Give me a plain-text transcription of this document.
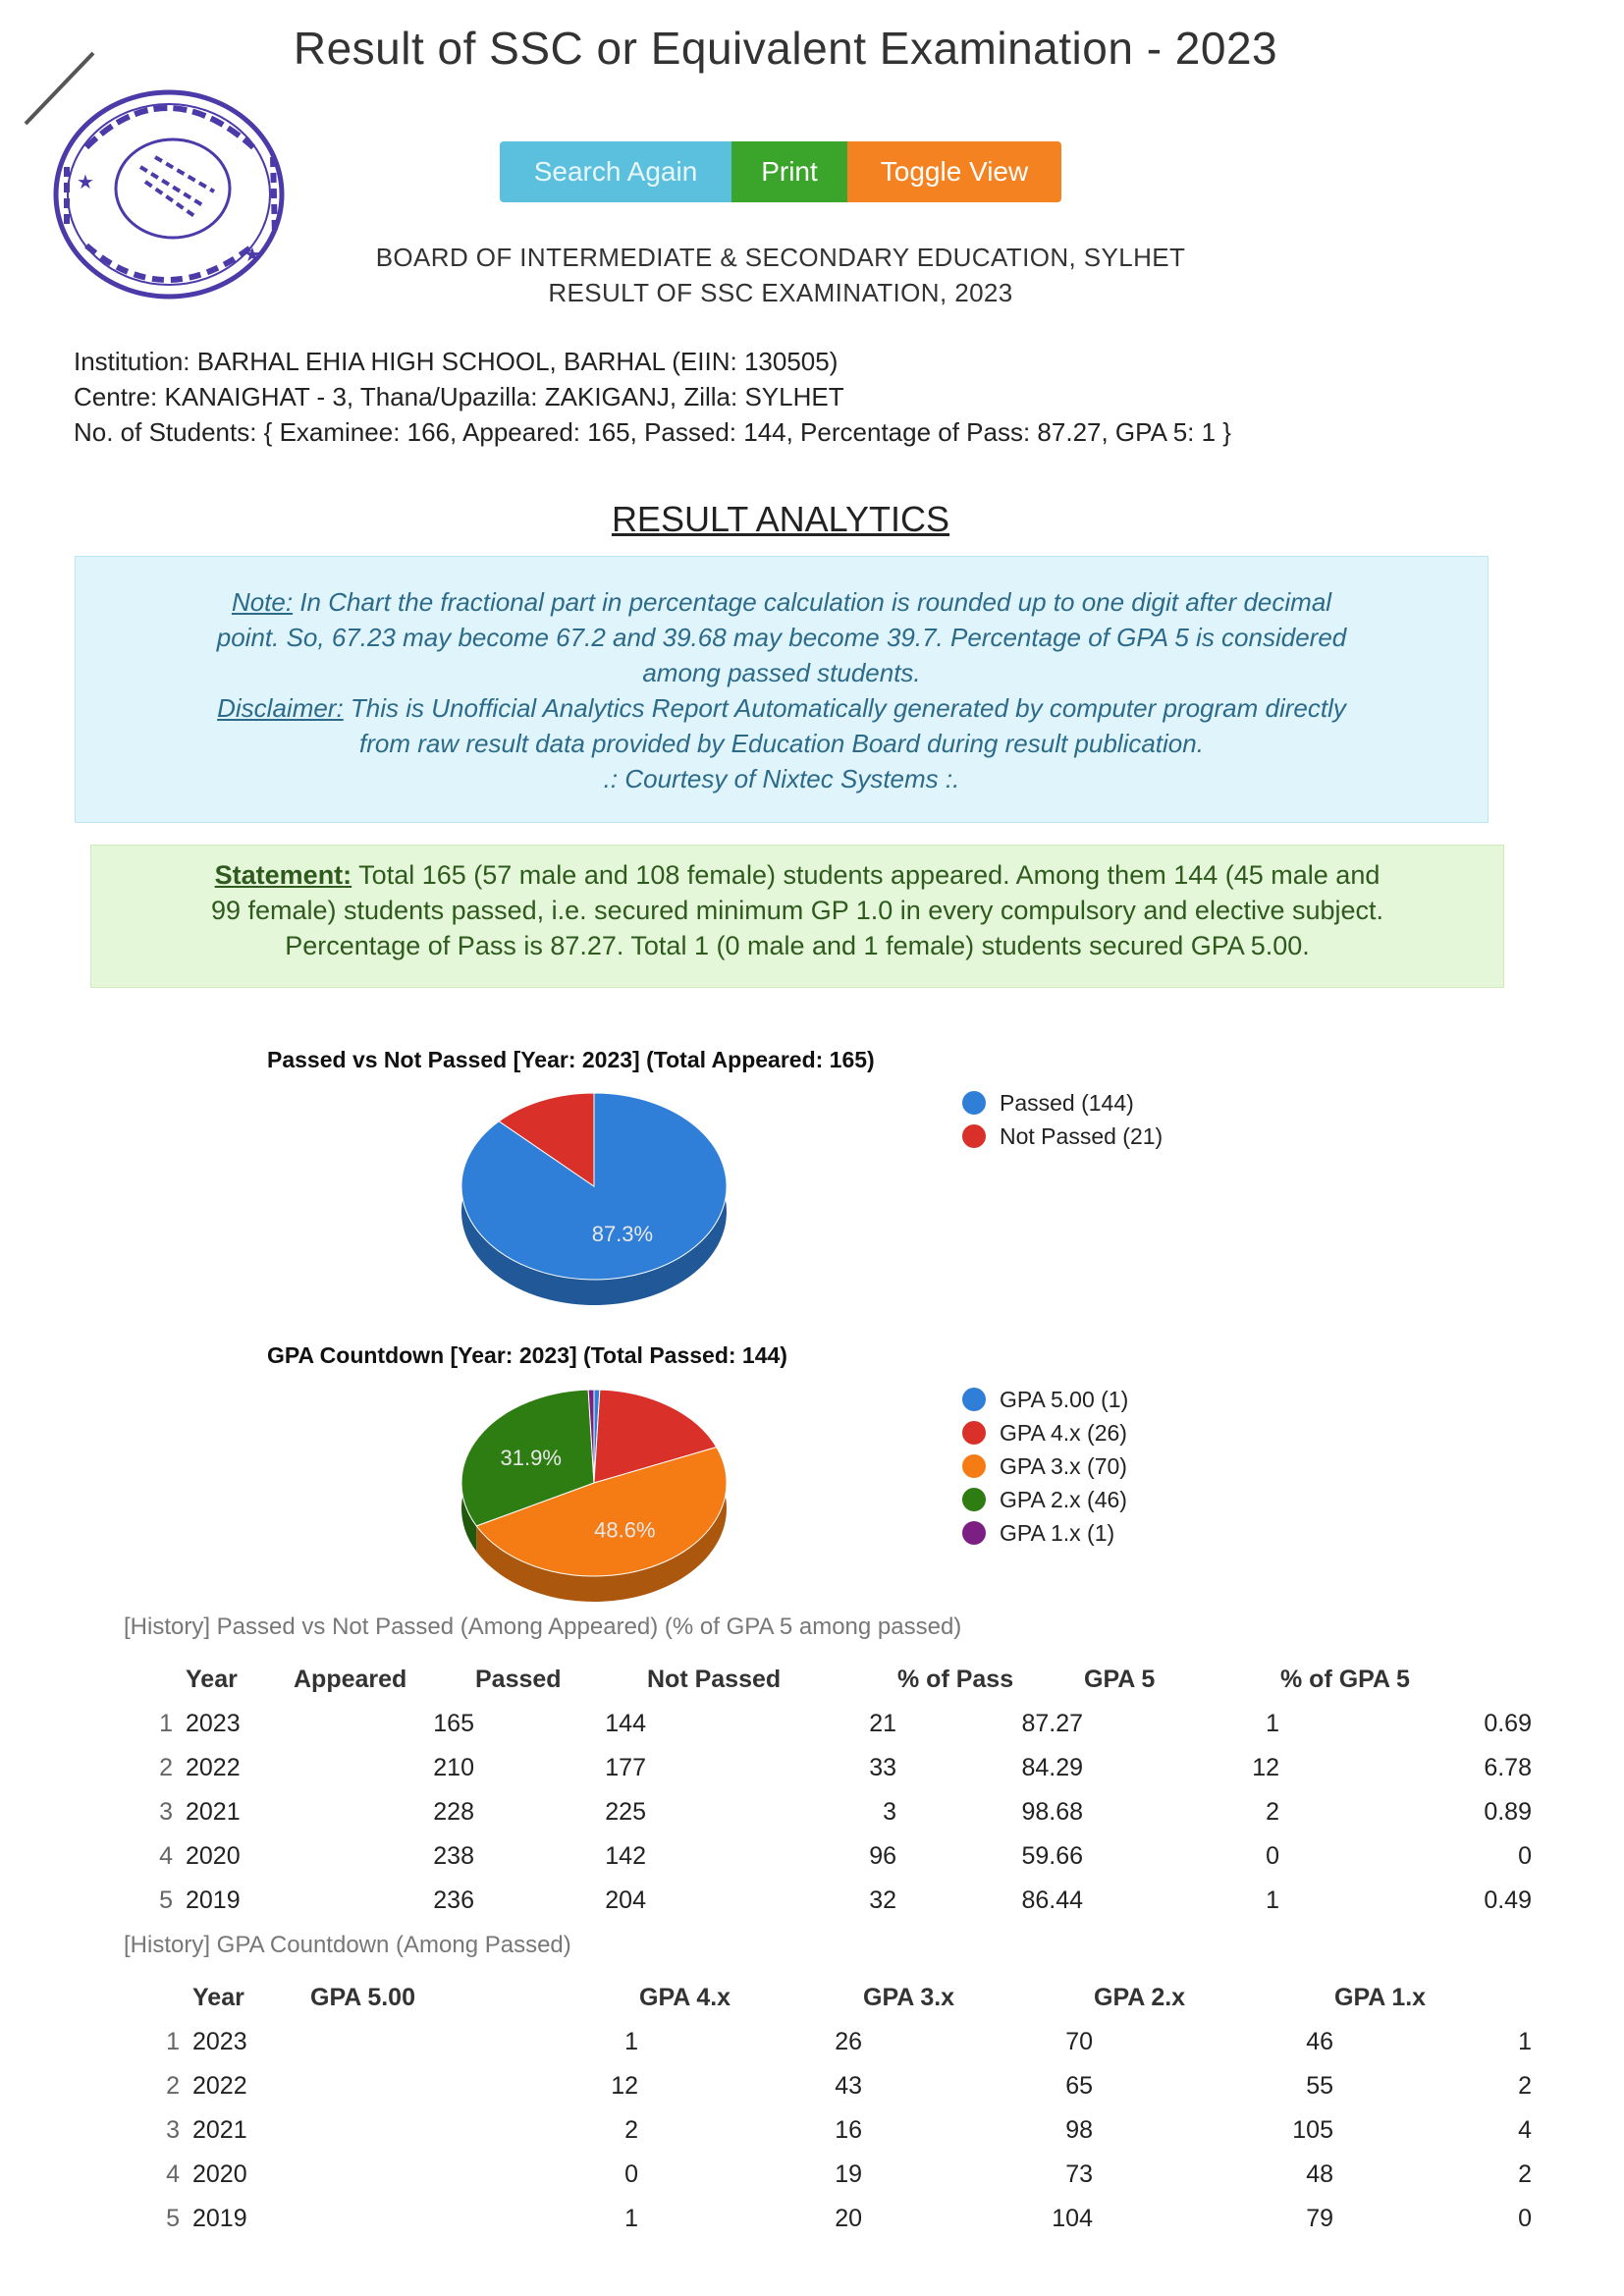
Result of SSC or Equivalent Examination - 2023
★
★
Search Again	Print	Toggle View
BOARD OF INTERMEDIATE & SECONDARY EDUCATION, SYLHET
RESULT OF SSC EXAMINATION, 2023
Institution: BARHAL EHIA HIGH SCHOOL, BARHAL (EIIN: 130505)
Centre: KANAIGHAT - 3, Thana/Upazilla: ZAKIGANJ, Zilla: SYLHET
No. of Students: { Examinee: 166, Appeared: 165, Passed: 144, Percentage of Pass: 87.27, GPA 5: 1 }
RESULT ANALYTICS
Note: In Chart the fractional part in percentage calculation is rounded up to one digit after decimal
point. So, 67.23 may become 67.2 and 39.68 may become 39.7. Percentage of GPA 5 is considered
among passed students.
Disclaimer: This is Unofficial Analytics Report Automatically generated by computer program directly
from raw result data provided by Education Board during result publication.
.: Courtesy of Nixtec Systems :.
Statement: Total 165 (57 male and 108 female) students appeared. Among them 144 (45 male and
99 female) students passed, i.e. secured minimum GP 1.0 in every compulsory and elective subject.
Percentage of Pass is 87.27. Total 1 (0 male and 1 female) students secured GPA 5.00.
Passed vs Not Passed [Year: 2023] (Total Appeared: 165)
87.3%
Passed (144)
Not Passed (21)
GPA Countdown [Year: 2023] (Total Passed: 144)
48.6%
31.9%
GPA 5.00 (1)
GPA 4.x (26)
GPA 3.x (70)
GPA 2.x (46)
GPA 1.x (1)
[History] Passed vs Not Passed (Among Appeared) (% of GPA 5 among passed)
	Year	Appeared	Passed	Not Passed	% of Pass	GPA 5	% of GPA 5
1	2023	165	144	21	87.27	1	0.69
2	2022	210	177	33	84.29	12	6.78
3	2021	228	225	3	98.68	2	0.89
4	2020	238	142	96	59.66	0	0
5	2019	236	204	32	86.44	1	0.49
[History] GPA Countdown (Among Passed)
	Year	GPA 5.00	GPA 4.x	GPA 3.x	GPA 2.x	GPA 1.x
1	2023	1	26	70	46	1
2	2022	12	43	65	55	2
3	2021	2	16	98	105	4
4	2020	0	19	73	48	2
5	2019	1	20	104	79	0
